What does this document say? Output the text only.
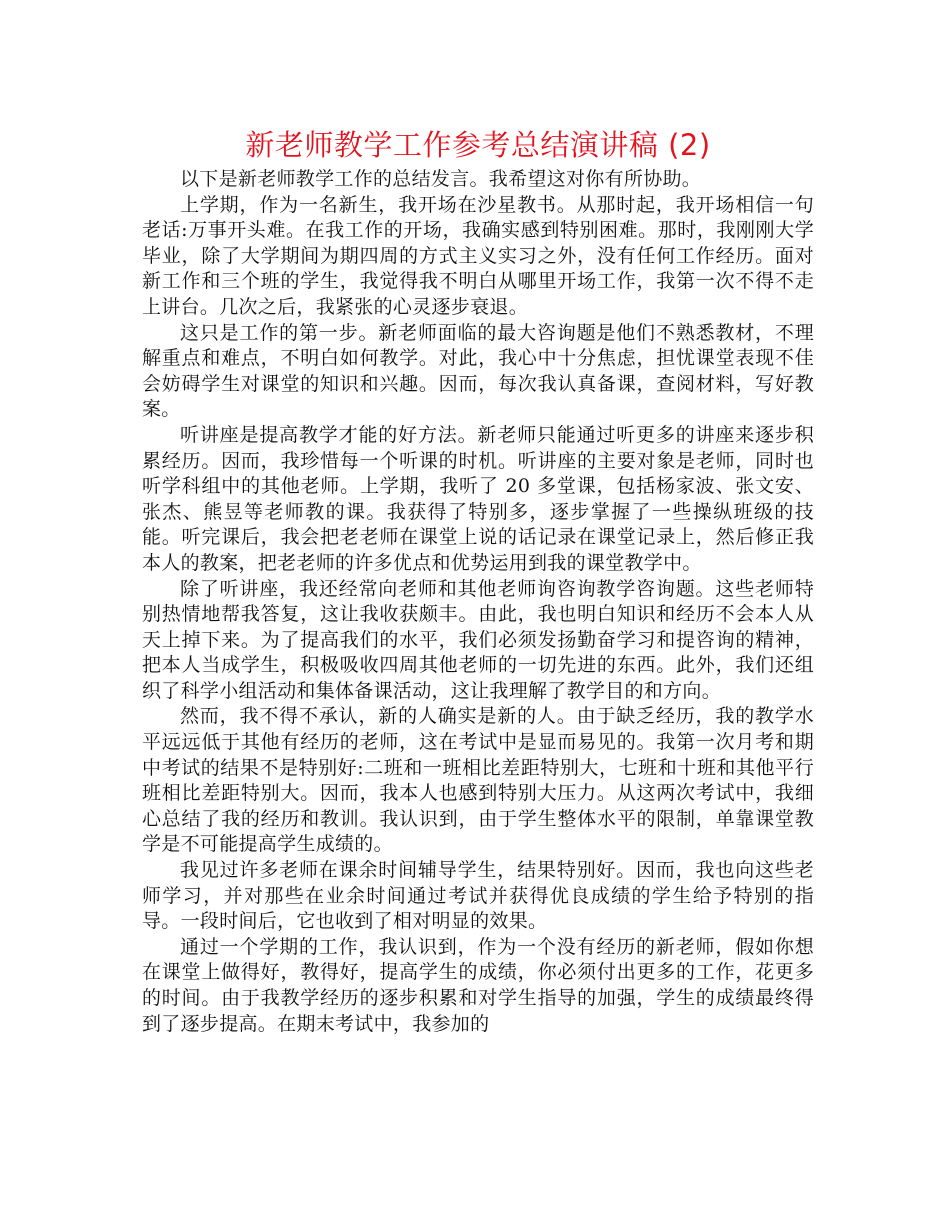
新老师教学工作参考总结演讲稿 (2)

以下是新老师教学工作的总结发言。我希望这对你有所协助。

上学期，作为一名新生，我开场在沙星教书。从那时起，我开场相信一句老话:万事开头难。在我工作的开场，我确实感到特别困难。那时，我刚刚大学毕业，除了大学期间为期四周的方式主义实习之外，没有任何工作经历。面对新工作和三个班的学生，我觉得我不明白从哪里开场工作，我第一次不得不走上讲台。几次之后，我紧张的心灵逐步衰退。

这只是工作的第一步。新老师面临的最大咨询题是他们不熟悉教材，不理解重点和难点，不明白如何教学。对此，我心中十分焦虑，担忧课堂表现不佳会妨碍学生对课堂的知识和兴趣。因而，每次我认真备课，查阅材料，写好教案。

听讲座是提高教学才能的好方法。新老师只能通过听更多的讲座来逐步积累经历。因而，我珍惜每一个听课的时机。听讲座的主要对象是老师，同时也听学科组中的其他老师。上学期，我听了 20 多堂课，包括杨家波、张文安、张杰、熊昱等老师教的课。我获得了特别多，逐步掌握了一些操纵班级的技能。听完课后，我会把老老师在课堂上说的话记录在课堂记录上，然后修正我本人的教案，把老老师的许多优点和优势运用到我的课堂教学中。

除了听讲座，我还经常向老师和其他老师询咨询教学咨询题。这些老师特别热情地帮我答复，这让我收获颇丰。由此，我也明白知识和经历不会本人从天上掉下来。为了提高我们的水平，我们必须发扬勤奋学习和提咨询的精神，把本人当成学生，积极吸收四周其他老师的一切先进的东西。此外，我们还组织了科学小组活动和集体备课活动，这让我理解了教学目的和方向。

然而，我不得不承认，新的人确实是新的人。由于缺乏经历，我的教学水平远远低于其他有经历的老师，这在考试中是显而易见的。我第一次月考和期中考试的结果不是特别好:二班和一班相比差距特别大，七班和十班和其他平行班相比差距特别大。因而，我本人也感到特别大压力。从这两次考试中，我细心总结了我的经历和教训。我认识到，由于学生整体水平的限制，单靠课堂教学是不可能提高学生成绩的。

我见过许多老师在课余时间辅导学生，结果特别好。因而，我也向这些老师学习，并对那些在业余时间通过考试并获得优良成绩的学生给予特别的指导。一段时间后，它也收到了相对明显的效果。

通过一个学期的工作，我认识到，作为一个没有经历的新老师，假如你想在课堂上做得好，教得好，提高学生的成绩，你必须付出更多的工作，花更多的时间。由于我教学经历的逐步积累和对学生指导的加强，学生的成绩最终得到了逐步提高。在期末考试中，我参加的
